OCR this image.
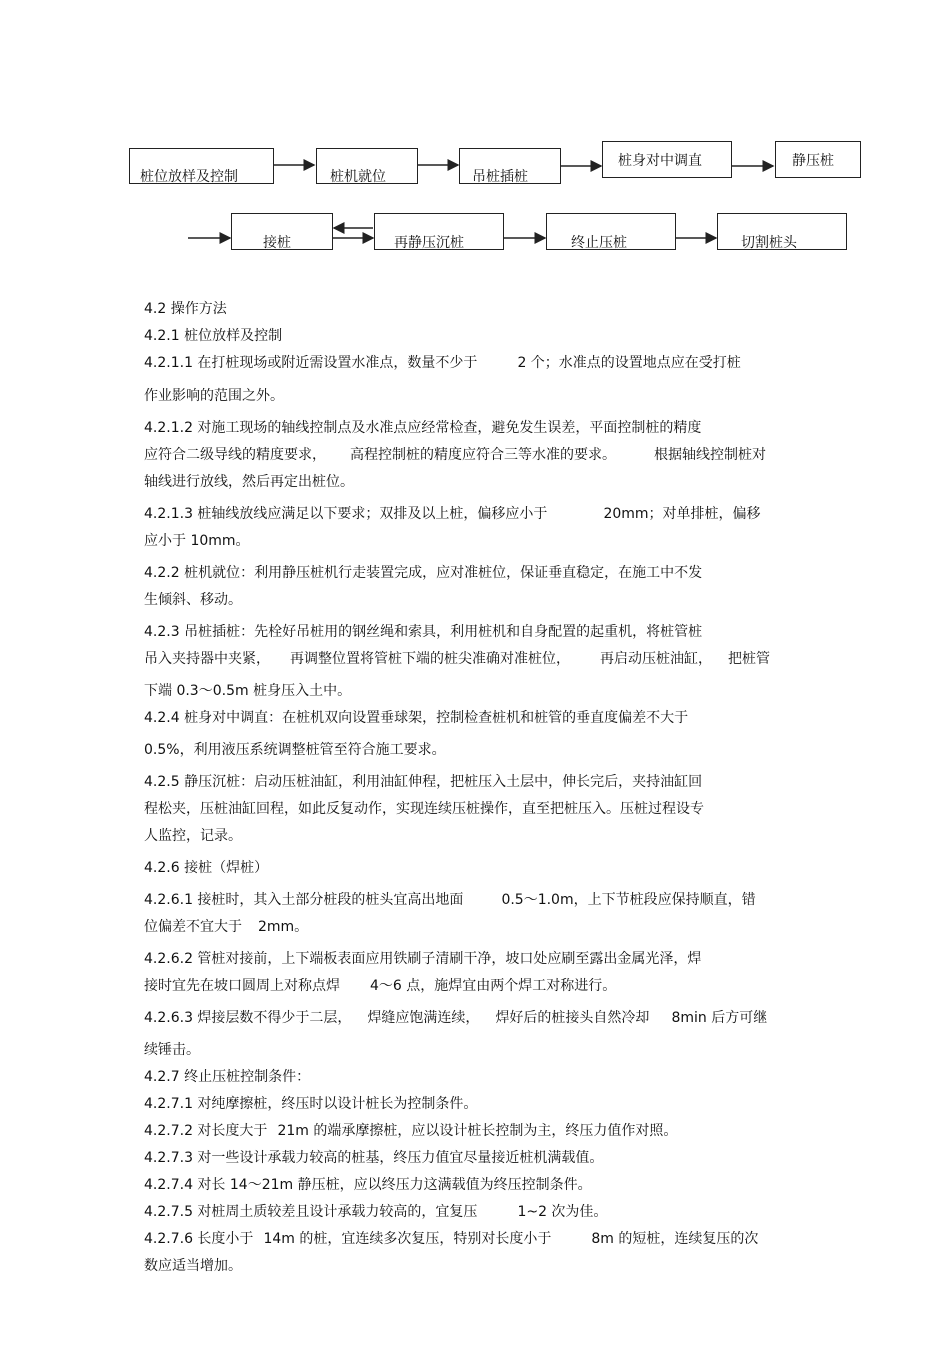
桩位放样及控制	桩机就位	吊桩插桩
桩身对中调直	静压桩
接桩	再静压沉桩	终止压桩	切割桩头
4.2 操作方法
4.2.1 桩位放样及控制
4.2.1.1 在打桩现场或附近需设置水准点，数量不少于	2 个；水准点的设置地点应在受打桩
作业影响的范围之外。
4.2.1.2 对施工现场的轴线控制点及水准点应经常检查，避免发生误差，平面控制桩的精度
应符合二级导线的精度要求， 高程控制桩的精度应符合三等水准的要求。	根据轴线控制桩对
轴线进行放线，然后再定出桩位。
4.2.1.3 桩轴线放线应满足以下要求；双排及以上桩，偏移应小于	20mm；对单排桩，偏移
应小于 10mm。
4.2.2 桩机就位：利用静压桩机行走装置完成，应对准桩位，保证垂直稳定，在施工中不发
生倾斜、移动。
4.2.3 吊桩插桩：先栓好吊桩用的钢丝绳和索具，利用桩机和自身配置的起重机，将桩管桩
吊入夹持器中夹紧， 再调整位置将管桩下端的桩尖准确对准桩位， 再启动压桩油缸， 把桩管
下端 0.3～0.5m 桩身压入土中。
4.2.4 桩身对中调直：在桩机双向设置垂球架，控制检查桩机和桩管的垂直度偏差不大于
0.5%，利用液压系统调整桩管至符合施工要求。
4.2.5 静压沉桩：启动压桩油缸，利用油缸伸程，把桩压入土层中，伸长完后，夹持油缸回
程松夹，压桩油缸回程，如此反复动作，实现连续压桩操作，直至把桩压入。压桩过程设专
人监控，记录。
4.2.6 接桩（焊桩）
4.2.6.1 接桩时，其入土部分桩段的桩头宜高出地面	0.5～1.0m，上下节桩段应保持顺直，错
位偏差不宜大于 2mm。
4.2.6.2 管桩对接前，上下端板表面应用铁刷子清刷干净，坡口处应刷至露出金属光泽，焊
接时宜先在坡口圆周上对称点焊 4～6 点，施焊宜由两个焊工对称进行。
4.2.6.3 焊接层数不得少于二层， 焊缝应饱满连续， 焊好后的桩接头自然冷却 8min 后方可继
续锤击。
4.2.7 终止压桩控制条件：
4.2.7.1 对纯摩擦桩，终压时以设计桩长为控制条件。
4.2.7.2 对长度大于 21m 的端承摩擦桩，应以设计桩长控制为主，终压力值作对照。
4.2.7.3 对一些设计承载力较高的桩基，终压力值宜尽量接近桩机满载值。
4.2.7.4 对长 14～21m 静压桩，应以终压力这满载值为终压控制条件。
4.2.7.5 对桩周土质较差且设计承载力较高的，宜复压	1~2 次为佳。
4.2.7.6 长度小于 14m 的桩，宜连续多次复压，特别对长度小于	8m 的短桩，连续复压的次
数应适当增加。
